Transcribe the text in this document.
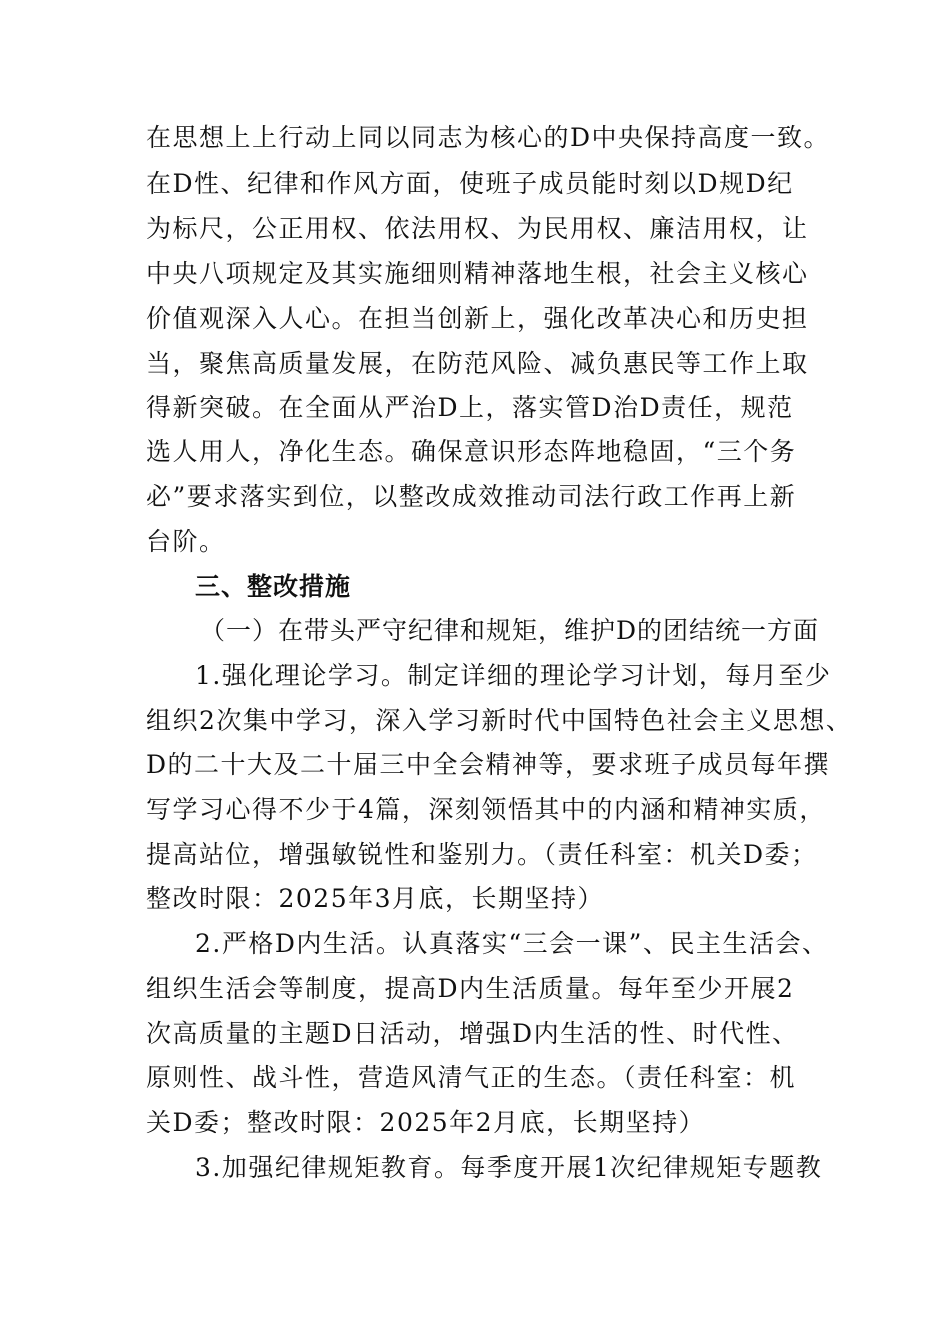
在思想上上行动上同以同志为核心的D中央保持高度一致。
在D性、纪律和作风方面，使班子成员能时刻以D规D纪
为标尺，公正用权、依法用权、为民用权、廉洁用权，让
中央八项规定及其实施细则精神落地生根，社会主义核心
价值观深入人心。在担当创新上，强化改革决心和历史担
当，聚焦高质量发展，在防范风险、减负惠民等工作上取
得新突破。在全面从严治D上，落实管D治D责任，规范
选人用人，净化生态。确保意识形态阵地稳固，“三个务
必”要求落实到位，以整改成效推动司法行政工作再上新
台阶。
三、整改措施
（一）在带头严守纪律和规矩，维护D的团结统一方面
1.强化理论学习。制定详细的理论学习计划，每月至少
组织2次集中学习，深入学习新时代中国特色社会主义思想、
D的二十大及二十届三中全会精神等，要求班子成员每年撰
写学习心得不少于4篇，深刻领悟其中的内涵和精神实质，
提高站位，增强敏锐性和鉴别力。（责任科室：机关D委；
整改时限：2025年3月底，长期坚持）
2.严格D内生活。认真落实“三会一课”、民主生活会、
组织生活会等制度，提高D内生活质量。每年至少开展2
次高质量的主题D日活动，增强D内生活的性、时代性、
原则性、战斗性，营造风清气正的生态。（责任科室：机
关D委；整改时限：2025年2月底，长期坚持）
3.加强纪律规矩教育。每季度开展1次纪律规矩专题教
